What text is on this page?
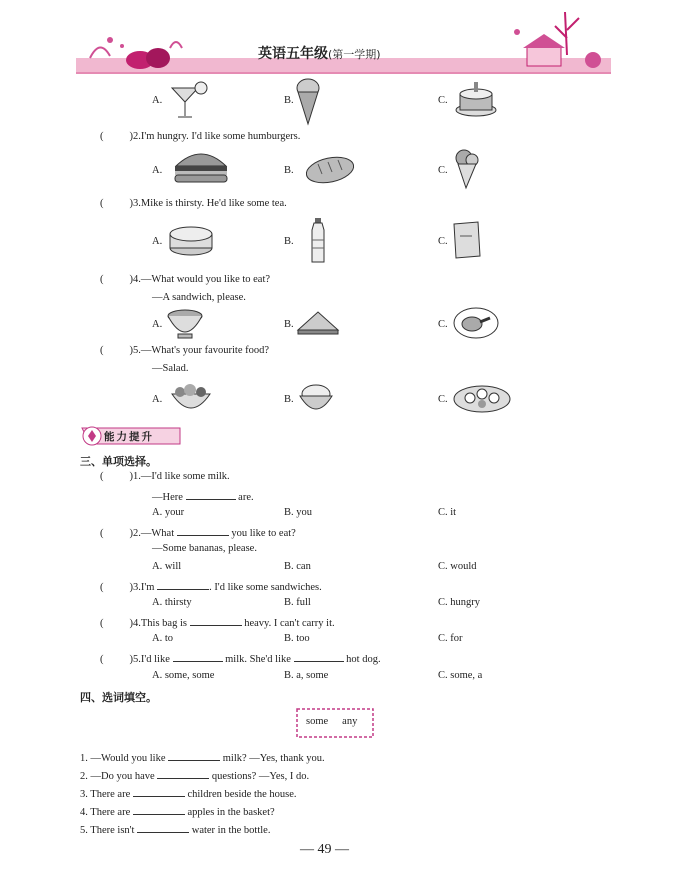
英语五年级(第一学期)
A.	B.	C.
( )2.I'm hungry. I'd like some humburgers.
A.	B.	C.
( )3.Mike is thirsty. He'd like some tea.
A.	B.	C.
( )4.—What would you like to eat?
—A sandwich, please.
A.	B.	C.
( )5.—What's your favourite food?
—Salad.
A.	B.	C.
能力提升
三、单项选择。
( )1.—I'd like some milk.
—Here	are.
A. your	B. you	C. it
( )2.—What	you like to eat?
—Some bananas, please.
A. will	B. can	C. would
( )3.I'm	. I'd like some sandwiches.
A. thirsty	B. full	C. hungry
( )4.This bag is	heavy. I can't carry it.
A. to	B. too	C. for
( )5.I'd like	milk. She'd like	hot dog.
A. some, some	B. a, some	C. some, a
四、选词填空。
some any
1. —Would you like	milk? —Yes, thank you.
2. —Do you have	questions? —Yes, I do.
3. There are	children beside the house.
4. There are	apples in the basket?
5. There isn't	water in the bottle.
— 49 —
